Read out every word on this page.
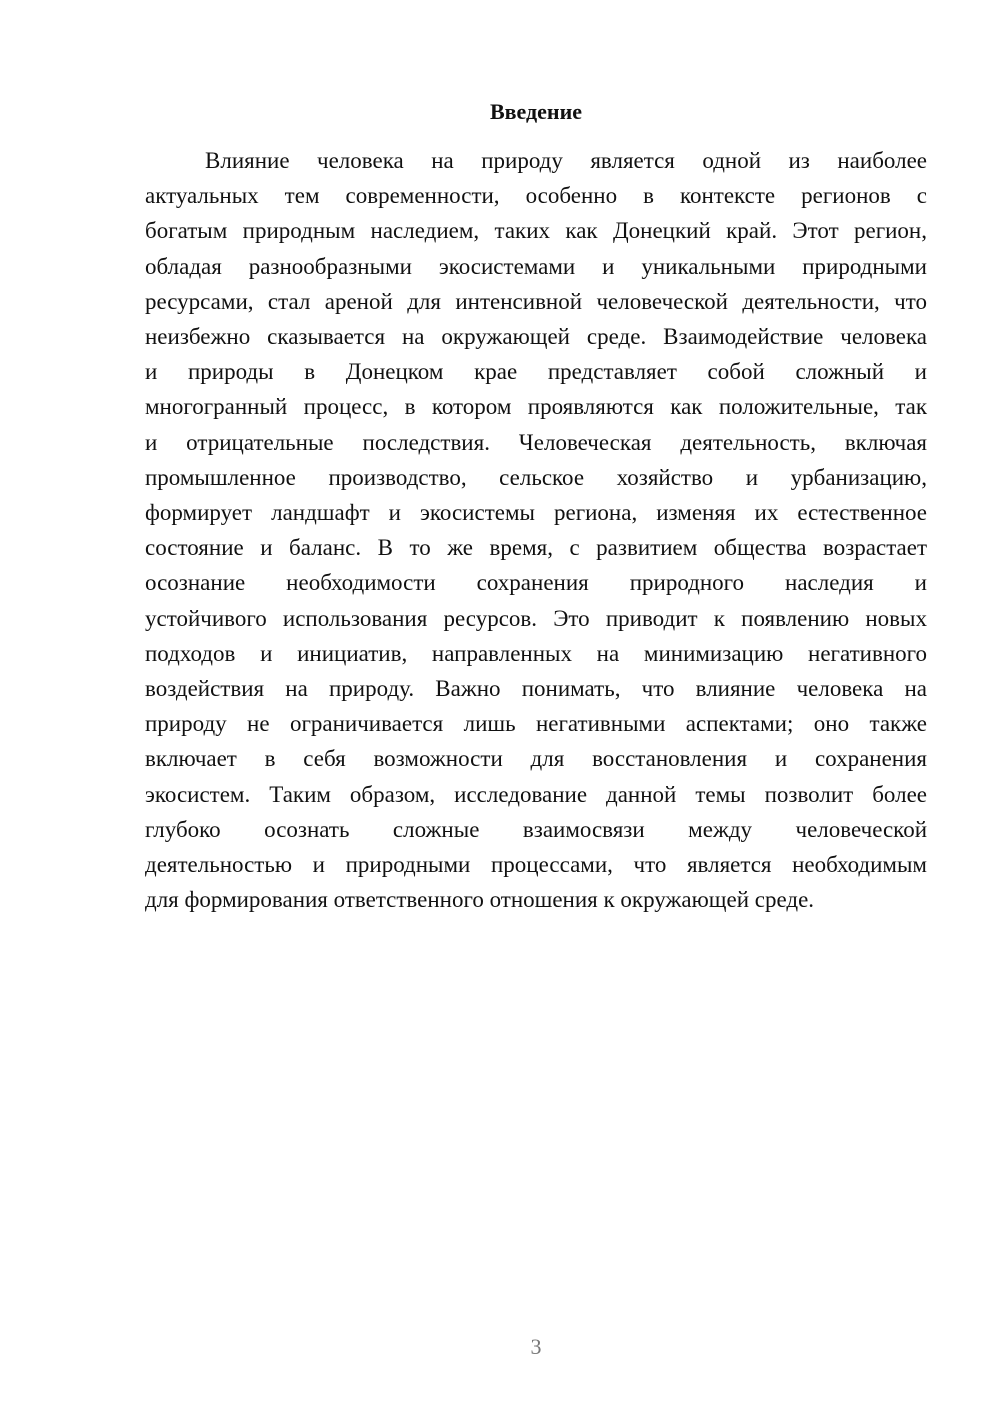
Введение
Влияние человека на природу является одной из наиболее
актуальных тем современности, особенно в контексте регионов с
богатым природным наследием, таких как Донецкий край. Этот регион,
обладая разнообразными экосистемами и уникальными природными
ресурсами, стал ареной для интенсивной человеческой деятельности, что
неизбежно сказывается на окружающей среде. Взаимодействие человека
и природы в Донецком крае представляет собой сложный и
многогранный процесс, в котором проявляются как положительные, так
и отрицательные последствия. Человеческая деятельность, включая
промышленное производство, сельское хозяйство и урбанизацию,
формирует ландшафт и экосистемы региона, изменяя их естественное
состояние и баланс. В то же время, с развитием общества возрастает
осознание необходимости сохранения природного наследия и
устойчивого использования ресурсов. Это приводит к появлению новых
подходов и инициатив, направленных на минимизацию негативного
воздействия на природу. Важно понимать, что влияние человека на
природу не ограничивается лишь негативными аспектами; оно также
включает в себя возможности для восстановления и сохранения
экосистем. Таким образом, исследование данной темы позволит более
глубоко осознать сложные взаимосвязи между человеческой
деятельностью и природными процессами, что является необходимым
для формирования ответственного отношения к окружающей среде.
3
